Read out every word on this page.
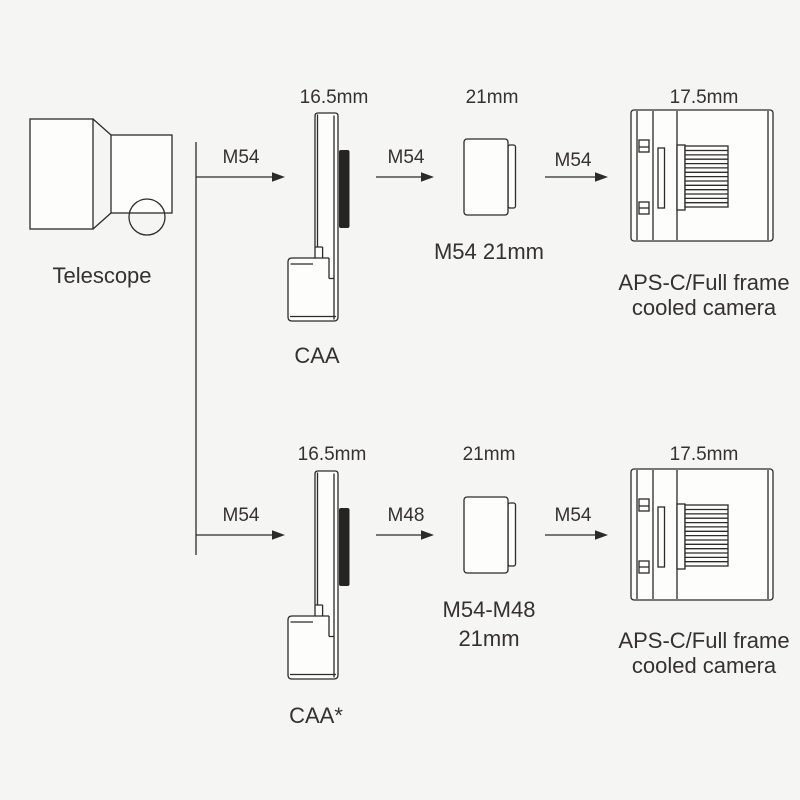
16.5mm	21mm	17.5mm
M54	M54	M54
Telescope
CAA
M54 21mm
APS-C/Full frame
cooled camera
16.5mm	21mm	17.5mm
M54	M48	M54
CAA*
M54-M48
21mm	APS-C/Full frame
cooled camera
